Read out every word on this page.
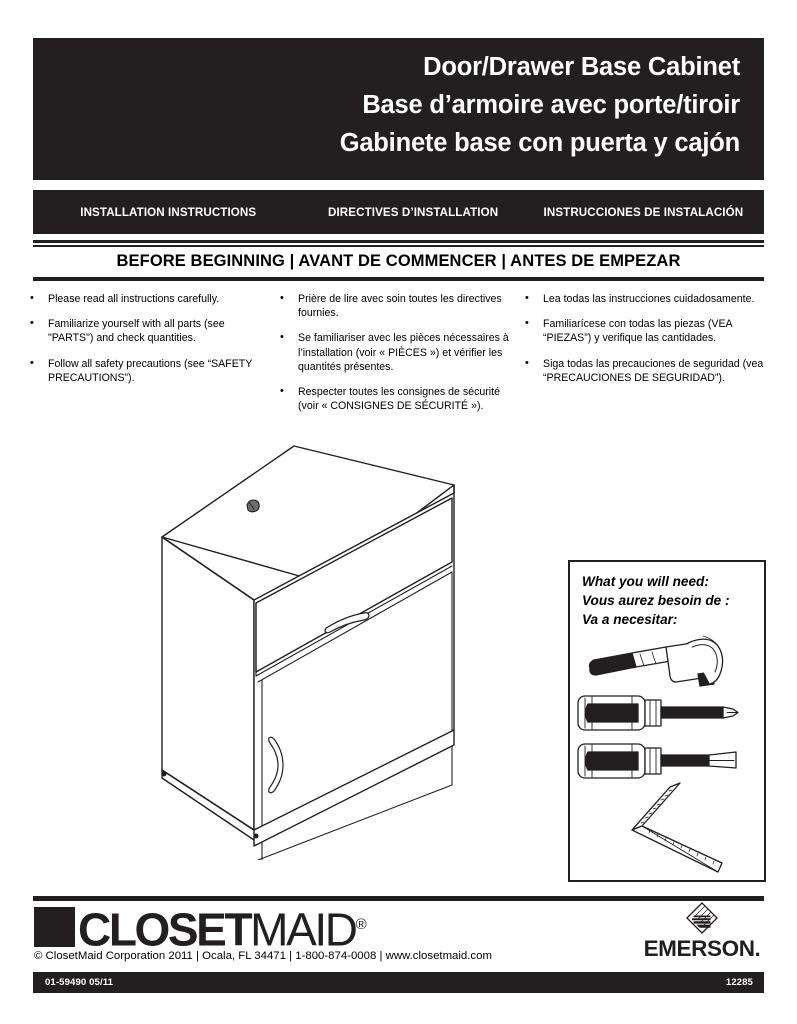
Door/Drawer Base Cabinet
Base d’armoire avec porte/tiroir
Gabinete base con puerta y cajón
INSTALLATION INSTRUCTIONS	DIRECTIVES D’INSTALLATION	INSTRUCCIONES DE INSTALACIÓN
BEFORE BEGINNING | AVANT DE COMMENCER | ANTES DE EMPEZAR
• Please read all instructions carefully.
• Familiarize yourself with all parts (see "PARTS") and check quantities.
• Follow all safety precautions (see “SAFETY PRECAUTIONS”).
• Prière de lire avec soin toutes les directives fournies.
• Se familiariser avec les pièces nécessaires à l’installation (voir « PIÈCES ») et vérifier les quantités présentes.
• Respecter toutes les consignes de sécurité (voir « CONSIGNES DE SÉCURITÉ »).
• Lea todas las instrucciones cuidadosamente.
• Familiarícese con todas las piezas (VEA “PIEZAS”) y verifique las cantidades.
• Siga todas las precauciones de seguridad (vea “PRECAUCIONES DE SEGURIDAD”).
What you will need:
Vous aurez besoin de :
Va a necesitar:
CLOSETMAID®
© ClosetMaid Corporation 2011 | Ocala, FL 34471 | 1-800-874-0008 | www.closetmaid.com	EMERSON.
01-59490 05/11	12285
